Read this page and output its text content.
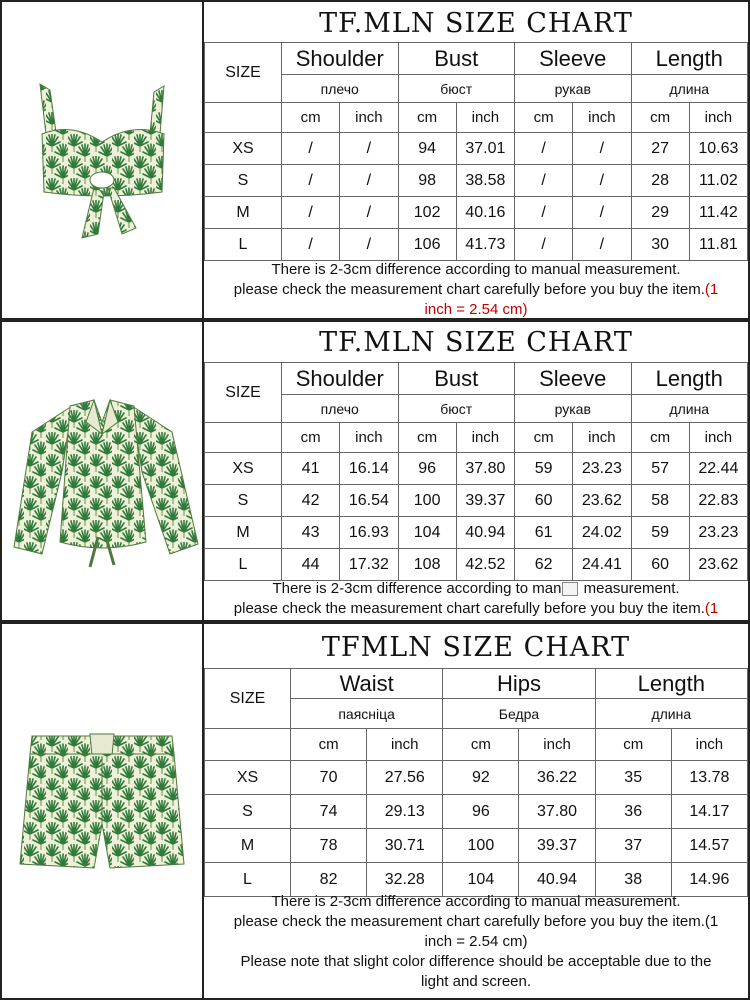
TF.MLN SIZE CHART
SIZE	Shoulder		Bust		Sleeve		Length	
	плечо		бюст		рукав		длина	
	cm	inch	cm	inch	cm	inch	cm	inch
XS	/	/	94	37.01	/	/	27	10.63
S	/	/	98	38.58	/	/	28	11.02
M	/	/	102	40.16	/	/	29	11.42
L	/	/	106	41.73	/	/	30	11.81
There is 2-3cm difference according to manual measurement.
please check the measurement chart carefully before you buy the item.(1
inch = 2.54 cm)
TF.MLN SIZE CHART
SIZE	Shoulder		Bust		Sleeve		Length	
	плечо		бюст		рукав		длина	
	cm	inch	cm	inch	cm	inch	cm	inch
XS	41	16.14	96	37.80	59	23.23	57	22.44
S	42	16.54	100	39.37	60	23.62	58	22.83
M	43	16.93	104	40.94	61	24.02	59	23.23
L	44	17.32	108	42.52	62	24.41	60	23.62
There is 2-3cm difference according to man measurement.
please check the measurement chart carefully before you buy the item.(1
TFMLN SIZE CHART
SIZE	Waist		Hips		Length	
	паяснiца		Бедра		длина	
	cm	inch	cm	inch	cm	inch
XS	70	27.56	92	36.22	35	13.78
S	74	29.13	96	37.80	36	14.17
M	78	30.71	100	39.37	37	14.57
L	82	32.28	104	40.94	38	14.96
There is 2-3cm difference according to manual measurement.
please check the measurement chart carefully before you buy the item.(1
inch = 2.54 cm)
Please note that slight color difference should be acceptable due to the
light and screen.
